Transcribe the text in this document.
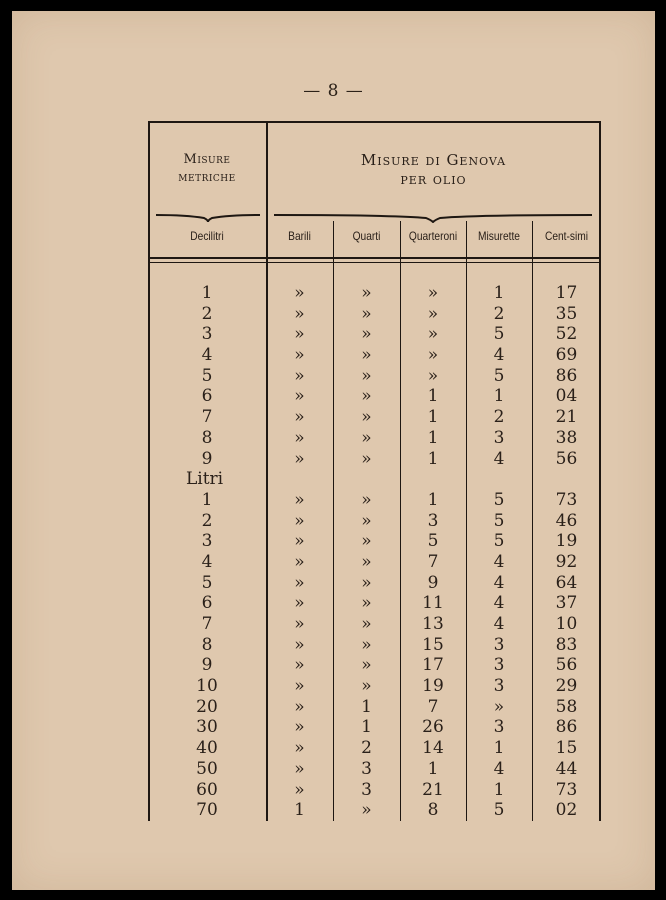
— 8 —
Misure
metriche
Misure di Genova
per olio
Decilitri	Barili	Quarti	Quarteroni	Misurette	Cent-simi
1	»	»	»	1	17
2	»	»	»	2	35
3	»	»	»	5	52
4	»	»	»	4	69
5	»	»	»	5	86
6	»	»	1	1	04
7	»	»	1	2	21
8	»	»	1	3	38
9	»	»	1	4	56
Litri
1	»	»	1	5	73
2	»	»	3	5	46
3	»	»	5	5	19
4	»	»	7	4	92
5	»	»	9	4	64
6	»	»	11	4	37
7	»	»	13	4	10
8	»	»	15	3	83
9	»	»	17	3	56
10	»	»	19	3	29
20	»	1	7	»	58
30	»	1	26	3	86
40	»	2	14	1	15
50	»	3	1	4	44
60	»	3	21	1	73
70	1	»	8	5	02
